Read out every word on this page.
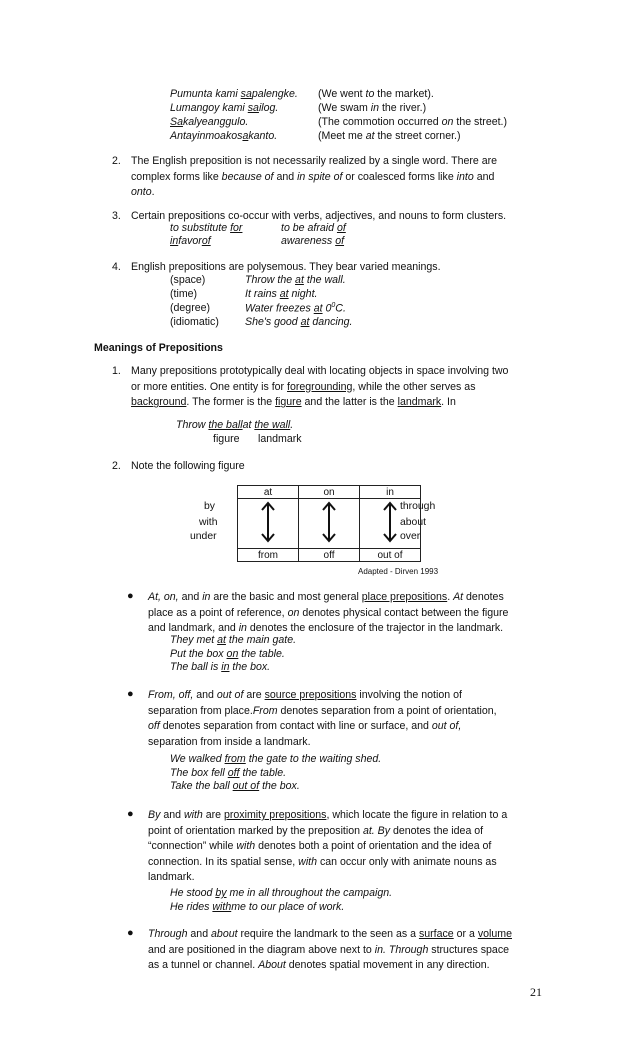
Pumunta kami sapalengke. (We went to the market).
Lumangoy kami sailog.	(We swam in the river.)
Sakalyeanggulo.	(The commotion occurred on the street.)
Antayinmoakosakanto.	(Meet me at the street corner.)
2. The English preposition is not necessarily realized by a single word. There are
complex forms like because of and in spite of or coalesced forms like into and
onto.
3. Certain prepositions co-occur with verbs, adjectives, and nouns to form clusters.
to substitute for	to be afraid of
infavorof	awareness of
4. English prepositions are polysemous. They bear varied meanings.
(space)	Throw the at the wall.
(time)	It rains at night.
(degree)	Water freezes at $0^0C$.
(idiomatic) She's good at dancing.
Meanings of Prepositions
1. Many prepositions prototypically deal with locating objects in space involving two
or more entities. One entity is for foregrounding, while the other serves as
background. The former is the figure and the latter is the landmark. In
Throw the ballat the wall.
figure landmark
2. Note the following figure
at	on	in

from	off	out of
by
with
under
through
about
over
Adapted - Dirven 1993
● At, on, and in are the basic and most general place prepositions. At denotes
place as a point of reference, on denotes physical contact between the figure
and landmark, and in denotes the enclosure of the trajector in the landmark.
They met at the main gate.
Put the box on the table.
The ball is in the box.
● From, off, and out of are source prepositions involving the notion of
separation from place.From denotes separation from a point of orientation,
off denotes separation from contact with line or surface, and out of,
separation from inside a landmark.
We walked from the gate to the waiting shed.
The box fell off the table.
Take the ball out of the box.
● By and with are proximity prepositions, which locate the figure in relation to a
point of orientation marked by the preposition at. By denotes the idea of
“connection” while with denotes both a point of orientation and the idea of
connection. In its spatial sense, with can occur only with animate nouns as
landmark.
He stood by me in all throughout the campaign.
He rides withme to our place of work.
● Through and about require the landmark to the seen as a surface or a volume
and are positioned in the diagram above next to in. Through structures space
as a tunnel or channel. About denotes spatial movement in any direction.
21
